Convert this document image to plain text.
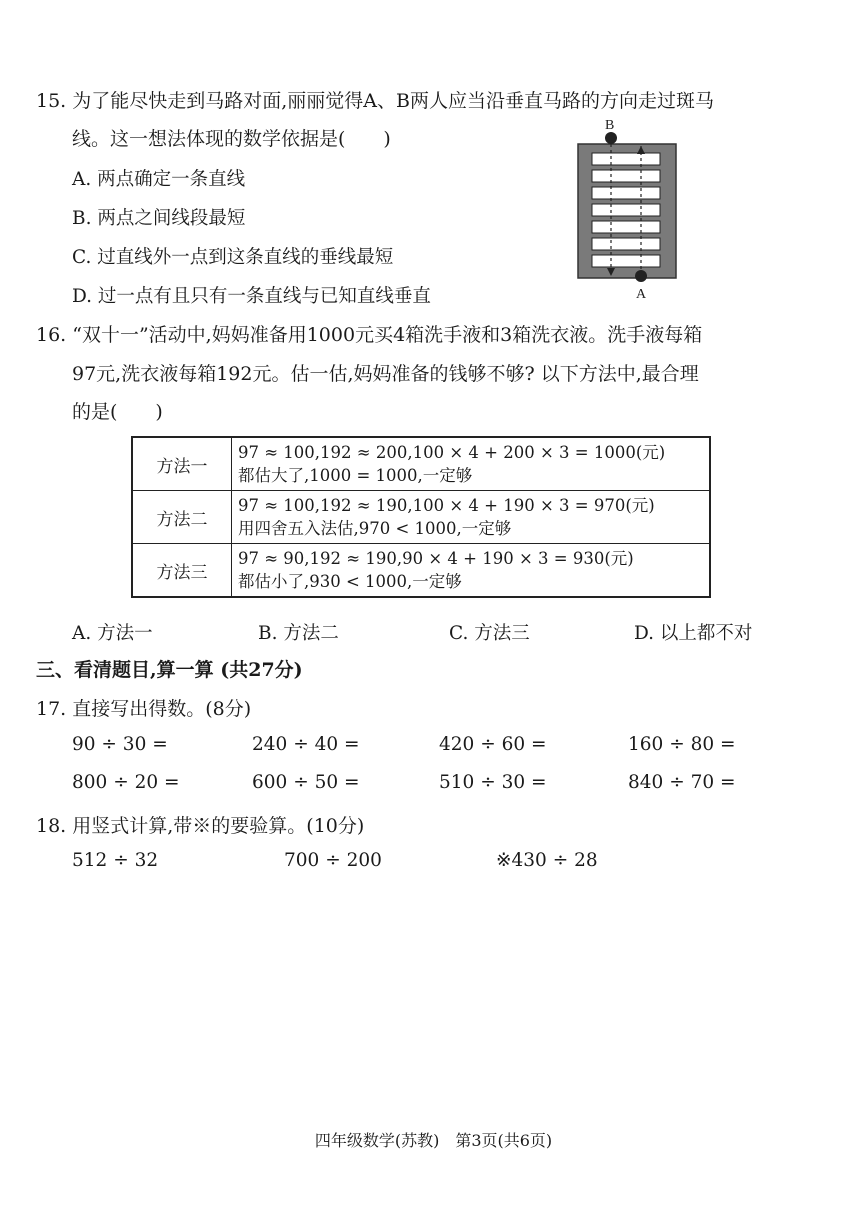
15. 为了能尽快走到马路对面,丽丽觉得A、B两人应当沿垂直马路的方向走过斑马
线。这一想法体现的数学依据是(　　)
A. 两点确定一条直线
B. 两点之间线段最短
C. 过直线外一点到这条直线的垂线最短
D. 过一点有且只有一条直线与已知直线垂直
B
A
16. “双十一”活动中,妈妈准备用1000元买4箱洗手液和3箱洗衣液。洗手液每箱
97元,洗衣液每箱192元。估一估,妈妈准备的钱够不够? 以下方法中,最合理
的是(　　)
方法一	97 ≈ 100,192 ≈ 200,100 × 4 + 200 × 3 = 1000(元)
都估大了,1000 = 1000,一定够

方法二	97 ≈ 100,192 ≈ 190,100 × 4 + 190 × 3 = 970(元)
用四舍五入法估,970 < 1000,一定够

方法三	97 ≈ 90,192 ≈ 190,90 × 4 + 190 × 3 = 930(元)
都估小了,930 < 1000,一定够
A. 方法一	B. 方法二	C. 方法三	D. 以上都不对
三、看清题目,算一算 (共27分)
17. 直接写出得数。(8分)
90 ÷ 30 =	240 ÷ 40 =	420 ÷ 60 =	160 ÷ 80 =
800 ÷ 20 =	600 ÷ 50 =	510 ÷ 30 =	840 ÷ 70 =
18. 用竖式计算,带※的要验算。(10分)
512 ÷ 32	700 ÷ 200	※430 ÷ 28
四年级数学(苏教)　第3页(共6页)
